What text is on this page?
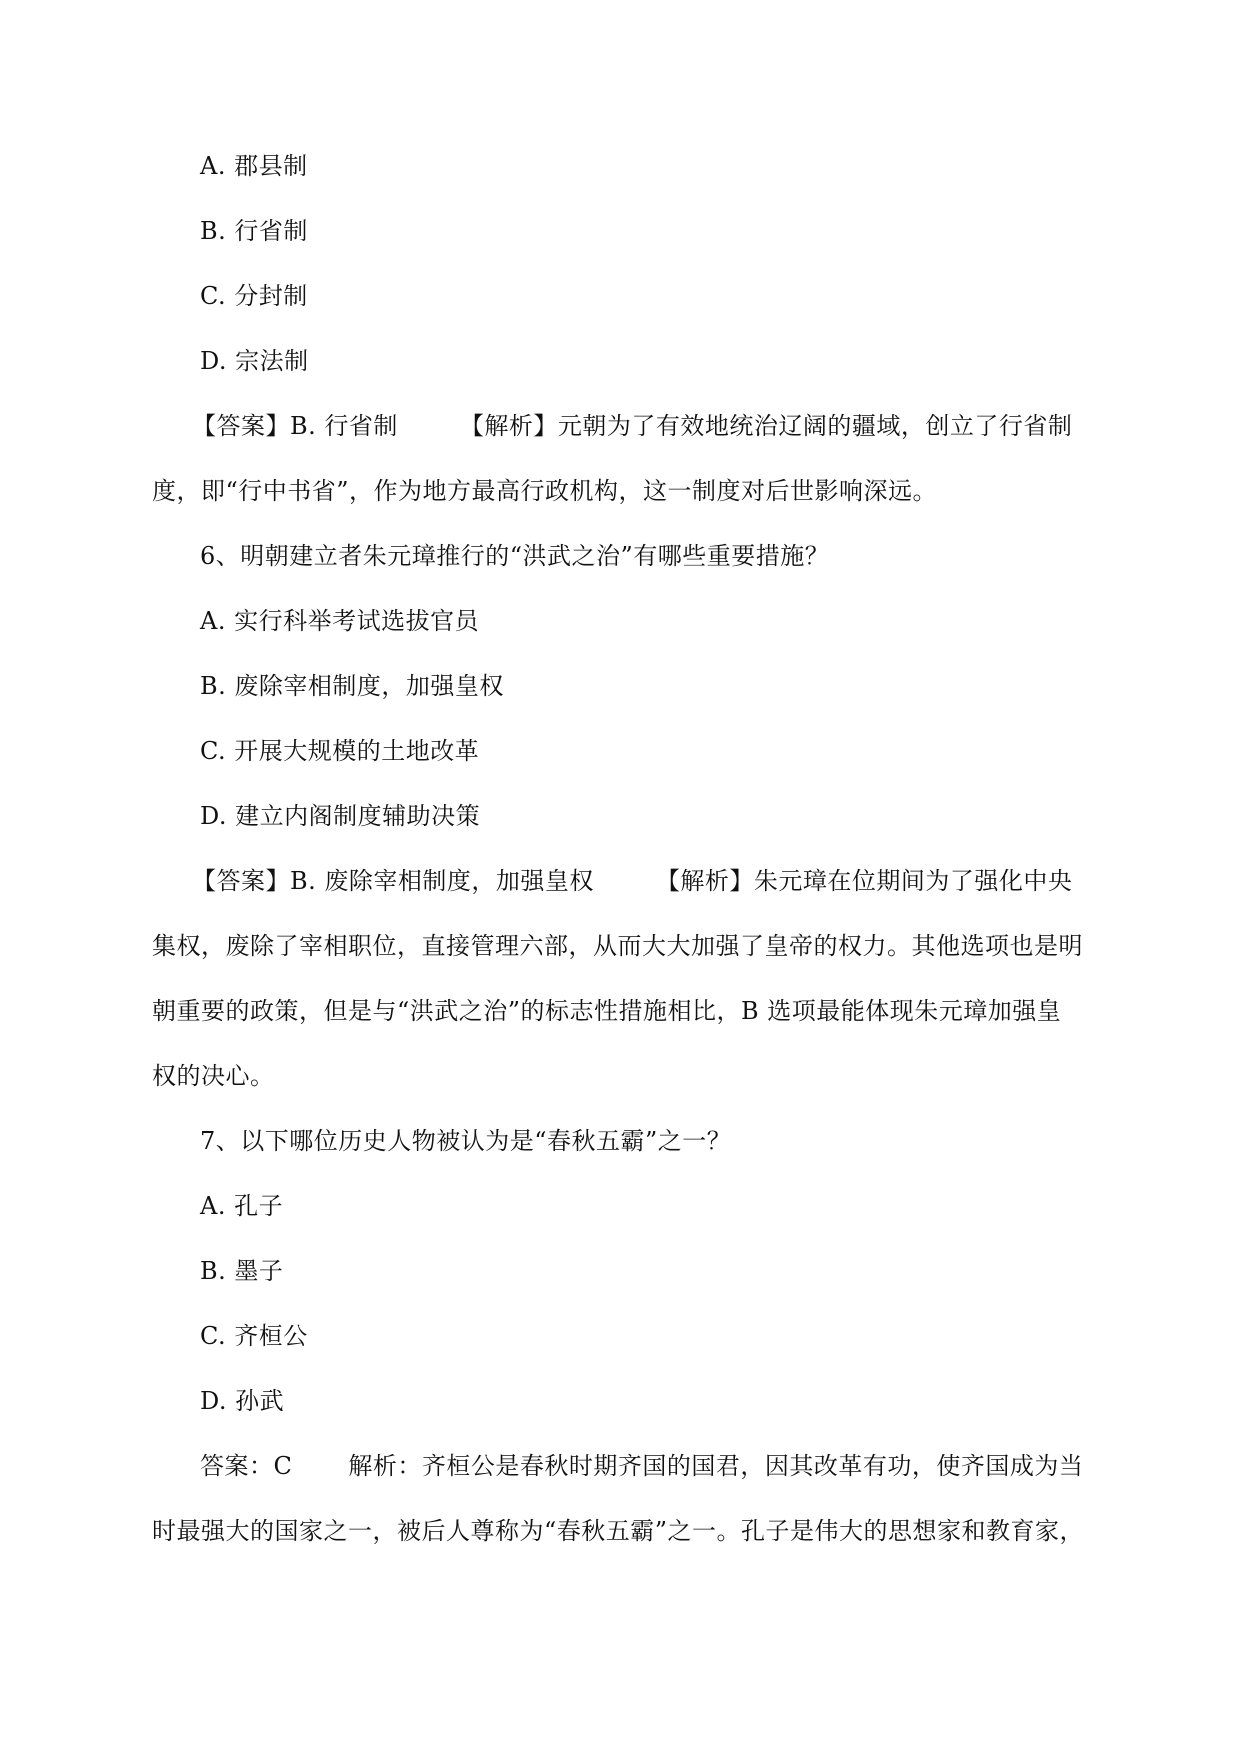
A. 郡县制
B. 行省制
C. 分封制
D. 宗法制
【答案】B. 行省制	【解析】元朝为了有效地统治辽阔的疆域，创立了行省制
度，即“行中书省”，作为地方最高行政机构，这一制度对后世影响深远。
6、明朝建立者朱元璋推行的“洪武之治”有哪些重要措施？
A. 实行科举考试选拔官员
B. 废除宰相制度，加强皇权
C. 开展大规模的土地改革
D. 建立内阁制度辅助决策
【答案】B. 废除宰相制度，加强皇权	【解析】朱元璋在位期间为了强化中央
集权，废除了宰相职位，直接管理六部，从而大大加强了皇帝的权力。其他选项也是明
朝重要的政策，但是与“洪武之治”的标志性措施相比，B 选项最能体现朱元璋加强皇
权的决心。
7、以下哪位历史人物被认为是“春秋五霸”之一？
A. 孔子
B. 墨子
C. 齐桓公
D. 孙武
答案：C 解析：齐桓公是春秋时期齐国的国君，因其改革有功，使齐国成为当
时最强大的国家之一，被后人尊称为“春秋五霸”之一。孔子是伟大的思想家和教育家，
